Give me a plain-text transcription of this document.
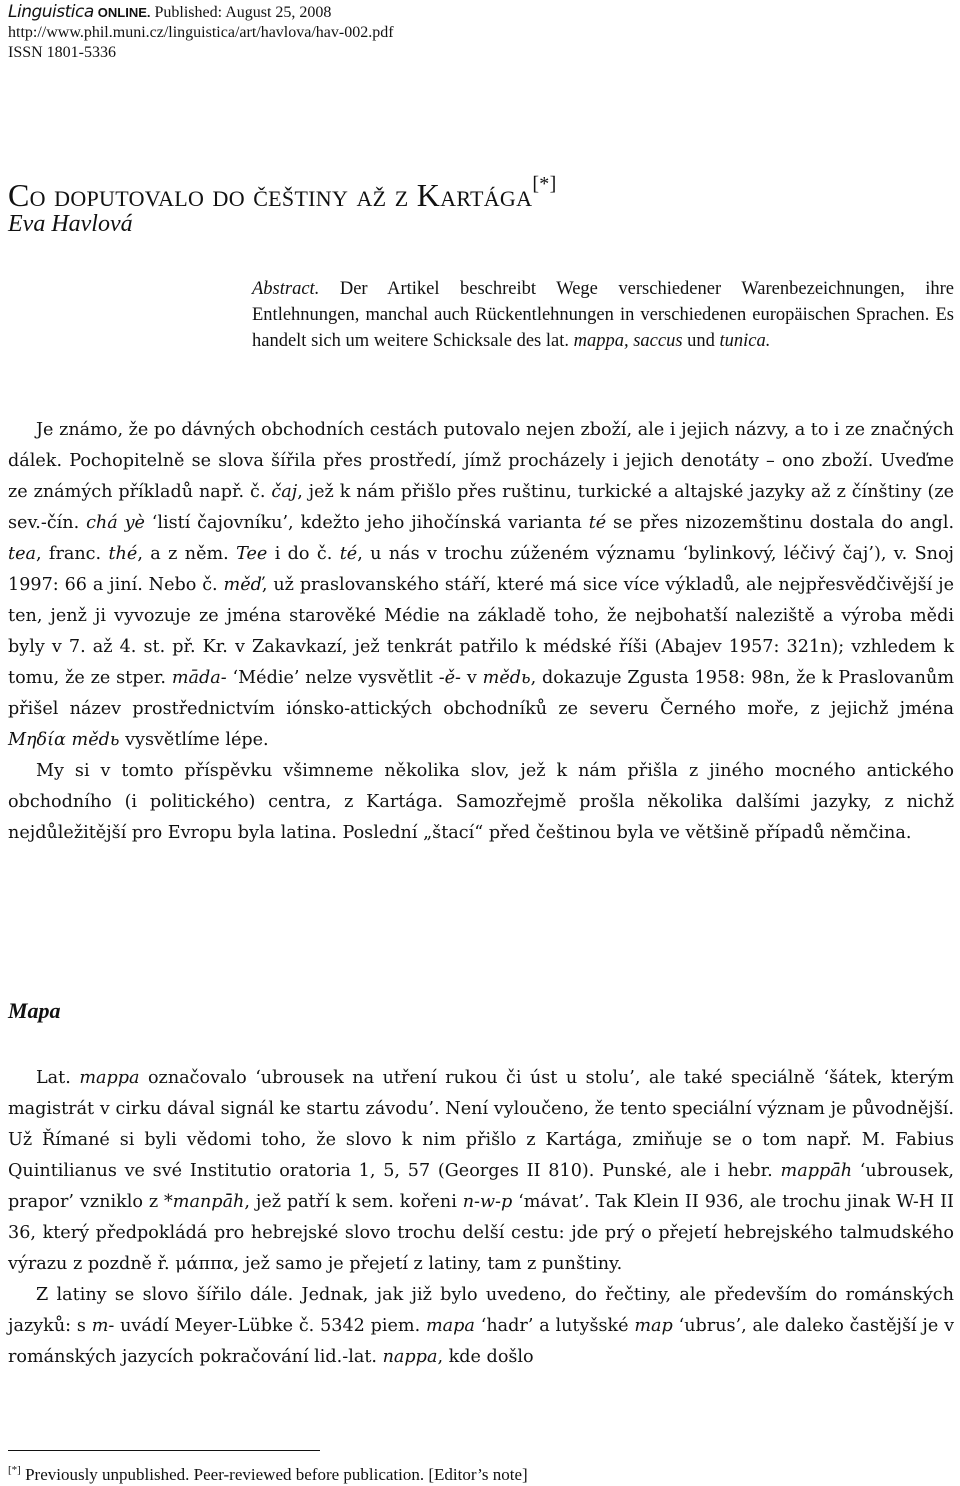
Linguistica ONLINE. Published: August 25, 2008
http://www.phil.muni.cz/linguistica/art/havlova/hav-002.pdf
ISSN 1801-5336
Co doputovalo do češtiny až z Kartága[*]
Eva Havlová
Abstract. Der Artikel beschreibt Wege verschiedener Warenbezeichnungen, ihre Entlehnungen, manchal auch Rückentlehnungen in verschiedenen europäischen Sprachen. Es handelt sich um weitere Schicksale des lat. mappa, saccus und tunica.

Je známo, že po dávných obchodních cestách putovalo nejen zboží, ale i jejich názvy, a to i ze značných dálek. Pochopitelně se slova šířila přes prostředí, jímž procházely i jejich denotáty – ono zboží. Uveďme ze známých příkladů např. č. čaj, jež k nám přišlo přes ruštinu, turkické a altajské jazyky až z čínštiny (ze sev.-čín. chá yè ‘listí čajovníku’, kdežto jeho jihočínská varianta té se přes nizozemštinu dostala do angl. tea, franc. thé, a z něm. Tee i do č. té, u nás v trochu zúženém významu ‘bylinkový, léčivý čaj’), v. Snoj 1997: 66 a jiní. Nebo č. měď, už praslovanského stáří, které má sice více výkladů, ale nejpřesvědčivější je ten, jenž ji vyvozuje ze jména starověké Médie na základě toho, že nejbohatší naleziště a výroba mědi byly v 7. až 4. st. př. Kr. v Zakavkazí, jež tenkrát patřilo k médské říši (Abajev 1957: 321n); vzhledem k tomu, že ze stper. māda- ‘Médie’ nelze vysvětlit -ě- v mědь, dokazuje Zgusta 1958: 98n, že k Praslovanům přišel název prostřednictvím iónsko-attických obchodníků ze severu Černého moře, z jejichž jména Μηδία mědь vysvětlíme lépe.

My si v tomto příspěvku všimneme několika slov, jež k nám přišla z jiného mocného antického obchodního (i politického) centra, z Kartága. Samozřejmě prošla několika dalšími jazyky, z nichž nejdůležitější pro Evropu byla latina. Poslední „štací“ před češtinou byla ve většině případů němčina.

Mapa

Lat. mappa označovalo ‘ubrousek na utření rukou či úst u stolu’, ale také speciálně ‘šátek, kterým magistrát v cirku dával signál ke startu závodu’. Není vyloučeno, že tento speciální význam je původnější. Už Římané si byli vědomi toho, že slovo k nim přišlo z Kartága, zmiňuje se o tom např. M. Fabius Quintilianus ve své Institutio oratoria 1, 5, 57 (Georges II 810). Punské, ale i hebr. mappā̄h ‘ubrousek, prapor’ vzniklo z *manpā̄h, jež patří k sem. kořeni n-w-p ‘mávat’. Tak Klein II 936, ale trochu jinak W-H II 36, který předpokládá pro hebrejské slovo trochu delší cestu: jde prý o přejetí hebrejského talmudského výrazu z pozdně ř. μάππα, jež samo je přejetí z latiny, tam z punštiny.

Z latiny se slovo šířilo dále. Jednak, jak již bylo uvedeno, do řečtiny, ale především do románských jazyků: s m- uvádí Meyer-Lübke č. 5342 piem. mapa ‘hadr’ a lutyšské map ‘ubrus’, ale daleko častější je v románských jazycích pokračování lid.-lat. nappa, kde došlo

[*] Previously unpublished. Peer-reviewed before publication. [Editor’s note]
